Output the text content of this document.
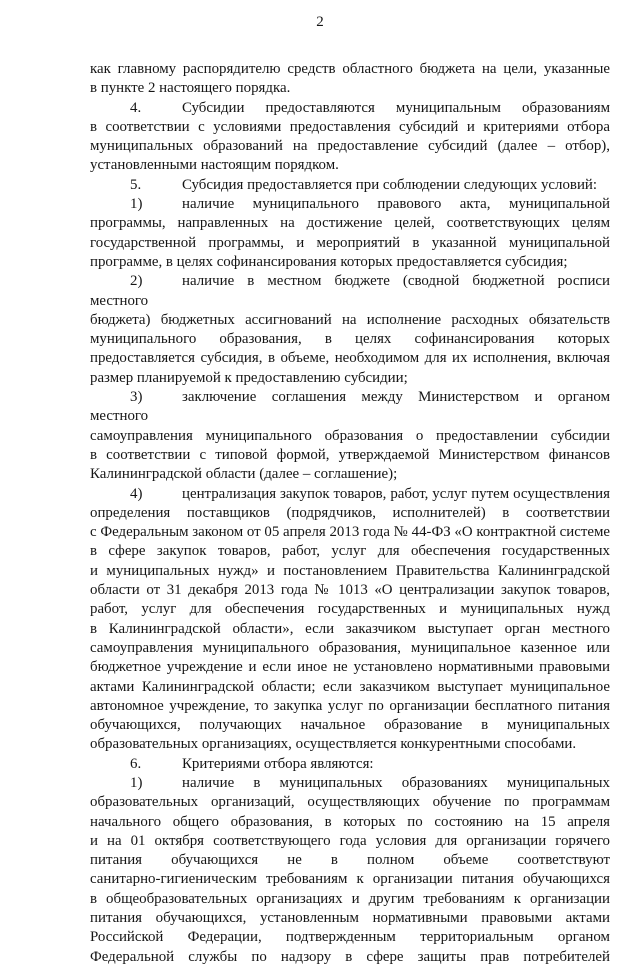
2

как главному распорядителю средств областного бюджета на цели, указанные

в пункте 2 настоящего порядка.

4.	Субсидии предоставляются муниципальным образованиям

в соответствии с условиями предоставления субсидий и критериями отбора

муниципальных образований на предоставление субсидий (далее – отбор),

установленными настоящим порядком.

5.	Субсидия предоставляется при соблюдении следующих условий:

1)	наличие муниципального правового акта, муниципальной

программы, направленных на достижение целей, соответствующих целям

государственной программы, и мероприятий в указанной муниципальной

программе, в целях софинансирования которых предоставляется субсидия;

2)	наличие в местном бюджете (сводной бюджетной росписи местного

бюджета) бюджетных ассигнований на исполнение расходных обязательств

муниципального образования, в целях софинансирования которых

предоставляется субсидия, в объеме, необходимом для их исполнения, включая

размер планируемой к предоставлению субсидии;

3)	заключение соглашения между Министерством и органом местного

самоуправления муниципального образования о предоставлении субсидии

в соответствии с типовой формой, утверждаемой Министерством финансов

Калининградской области (далее – соглашение);

4)	централизация закупок товаров, работ, услуг путем осуществления

определения поставщиков (подрядчиков, исполнителей) в соответствии

с Федеральным законом от 05 апреля 2013 года № 44-ФЗ «О контрактной системе

в сфере закупок товаров, работ, услуг для обеспечения государственных

и муниципальных нужд» и постановлением Правительства Калининградской

области от 31 декабря 2013 года № 1013 «О централизации закупок товаров,

работ, услуг для обеспечения государственных и муниципальных нужд

в Калининградской области», если заказчиком выступает орган местного

самоуправления муниципального образования, муниципальное казенное или

бюджетное учреждение и если иное не установлено нормативными правовыми

актами Калининградской области; если заказчиком выступает муниципальное

автономное учреждение, то закупка услуг по организации бесплатного питания

обучающихся, получающих начальное образование в муниципальных

образовательных организациях, осуществляется конкурентными способами.

6.	Критериями отбора являются:

1)	наличие в муниципальных образованиях муниципальных

образовательных организаций, осуществляющих обучение по программам

начального общего образования, в которых по состоянию на 15 апреля

и на 01 октября соответствующего года условия для организации горячего

питания обучающихся не в полном объеме соответствуют

санитарно-гигиеническим требованиям к организации питания обучающихся

в общеобразовательных организациях и другим требованиям к организации

питания обучающихся, установленным нормативными правовыми актами

Российской Федерации, подтвержденным территориальным органом

Федеральной службы по надзору в сфере защиты прав потребителей
